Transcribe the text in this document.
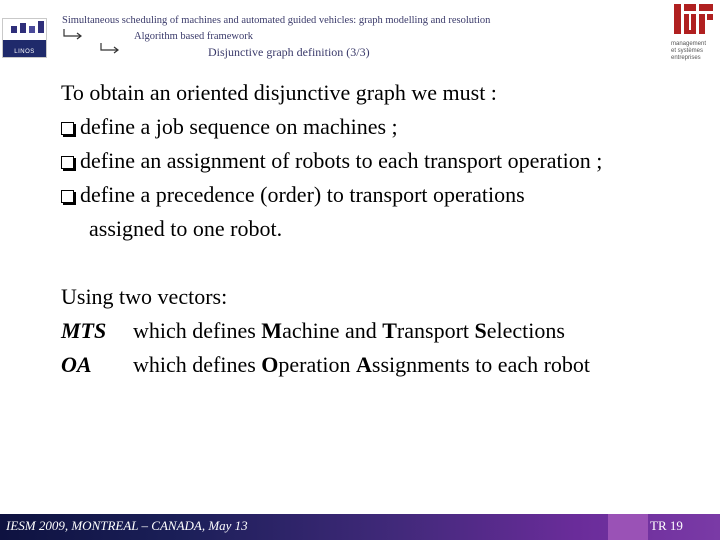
LINOS
Simultaneous scheduling of machines and automated guided vehicles: graph modelling and resolution
Algorithm based framework
Disjunctive graph definition (3/3)
management
et systèmes
entreprises
To obtain an oriented disjunctive graph we must :
define a job sequence on machines ;
define an assignment of robots to each transport operation ;
define a precedence (order) to transport operations
assigned to one robot.
Using two vectors:
MTS which defines Machine and Transport Selections
OA which defines Operation Assignments to each robot
IESM 2009, MONTREAL – CANADA, May 13	TR 19
